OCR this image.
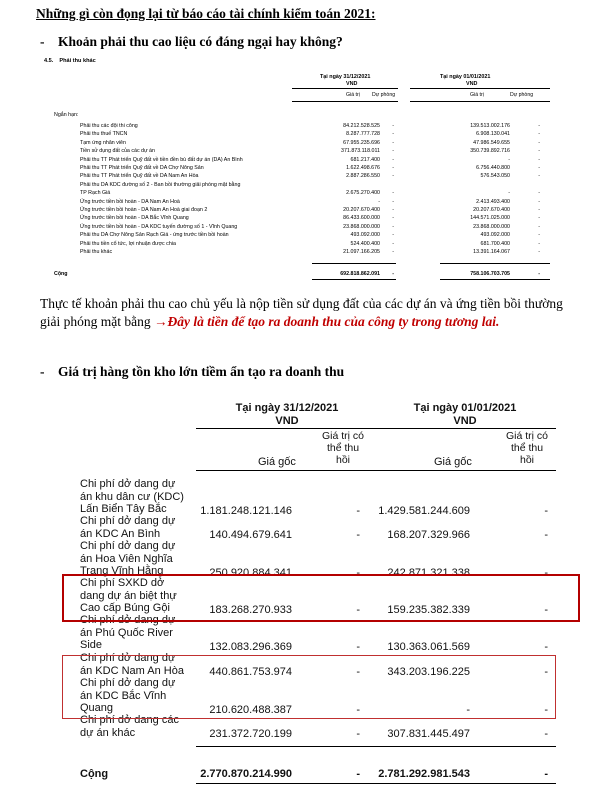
Những gì còn đọng lại từ báo cáo tài chính kiểm toán 2021:
- Khoản phải thu cao liệu có đáng ngại hay không?
4.5. Phải thu khác
Tại ngày 31/12/2021	Tại ngày 01/01/2021
VND	VND
Giá trị Dự phòng	Giá trị	Dự phòng
Ngắn hạn:
Phải thu các đội thi công	84.212.528.525	-	139.513.002.176	-
Phải thu thuế TNCN	8.287.777.728	-	6.908.130.041	-
Tạm ứng nhân viên	67.955.235.696	-	47.986.549.655	-
Tiền sử dụng đất của các dự án	371.873.118.011	-	350.739.892.716	-
Phải thu TT Phát triển Quỹ đất về tiền đền bù đất dự án (DA) An Bình	681.217.400	-	-	-
Phải thu TT Phát triển Quỹ đất về DA Chợ Nông Sản	1.622.498.676	-	6.756.440.800	-
Phải thu TT Phát triển Quỹ đất về DA Nam An Hòa	2.887.286.550	-	576.543.050	-
Phải thu DA KDC đường số 2 - Ban bồi thường giải phóng mặt bằng
TP Rạch Giá	2.675.270.400	-	-	-
Ứng trước tiền bồi hoàn - DA Nam An Hoà	-	-	2.413.493.400	-
Ứng trước tiền bồi hoàn - DA Nam An Hoà giai đoạn 2	20.207.670.400	-	20.207.670.400	-
Ứng trước tiền bồi hoàn - DA Bắc Vĩnh Quang	86.433.600.000	-	144.571.025.000	-
Ứng trước tiền bồi hoàn - DA KDC tuyến đường số 1 - Vĩnh Quang	23.868.000.000	-	23.868.000.000	-
Phải thu DA Chợ Nông Sản Rạch Giá - ứng trước tiền bồi hoàn	493.092.000	-	493.092.000	-
Phải thu tiền cổ tức, lợi nhuận được chia	524.400.400	-	681.700.400	-
Phải thu khác	21.097.166.205	-	13.391.164.067	-
Cộng	692.818.862.091	-	758.106.703.705	-
Thực tế khoản phải thu cao chủ yếu là nộp tiền sử dụng đất của các dự án và ứng tiền bồi thường giải phóng mặt bằng →Đây là tiền để tạo ra doanh thu của công ty trong tương lai.
- Giá trị hàng tồn kho lớn tiềm ẩn tạo ra doanh thu
Tại ngày 31/12/2021
VND
Tại ngày 01/01/2021
VND
Giá trị có
thể thu
hồi
Giá trị có
thể thu
hồi
Giá gốc	Giá gốc
Chi phí dở dang dự
án khu dân cư (KDC)
Lấn Biển Tây Bắc	1.181.248.121.146	-	1.429.581.244.609	-
Chi phí dở dang dự
án KDC An Bình	140.494.679.641	-	168.207.329.966	-
Chi phí dở dang dự
án Hoa Viên Nghĩa
Trang Vĩnh Hằng	250.920.884.341	-	242.871.321.338	-
Chi phí SXKD dở
dang dự án biệt thự
Cao cấp Búng Gội	183.268.270.933	-	159.235.382.339	-
Chi phí dở dang dự
án Phú Quốc River
Side	132.083.296.369	-	130.363.061.569	-
Chi phí dở dang dự
án KDC Nam An Hòa	440.861.753.974	-	343.203.196.225	-
Chi phí dở dang dự
án KDC Bắc Vĩnh
Quang	210.620.488.387	-	-	-
Chi phí dở dang các
dự án khác	231.372.720.199	-	307.831.445.497	-
Cộng	2.770.870.214.990	-	2.781.292.981.543	-
